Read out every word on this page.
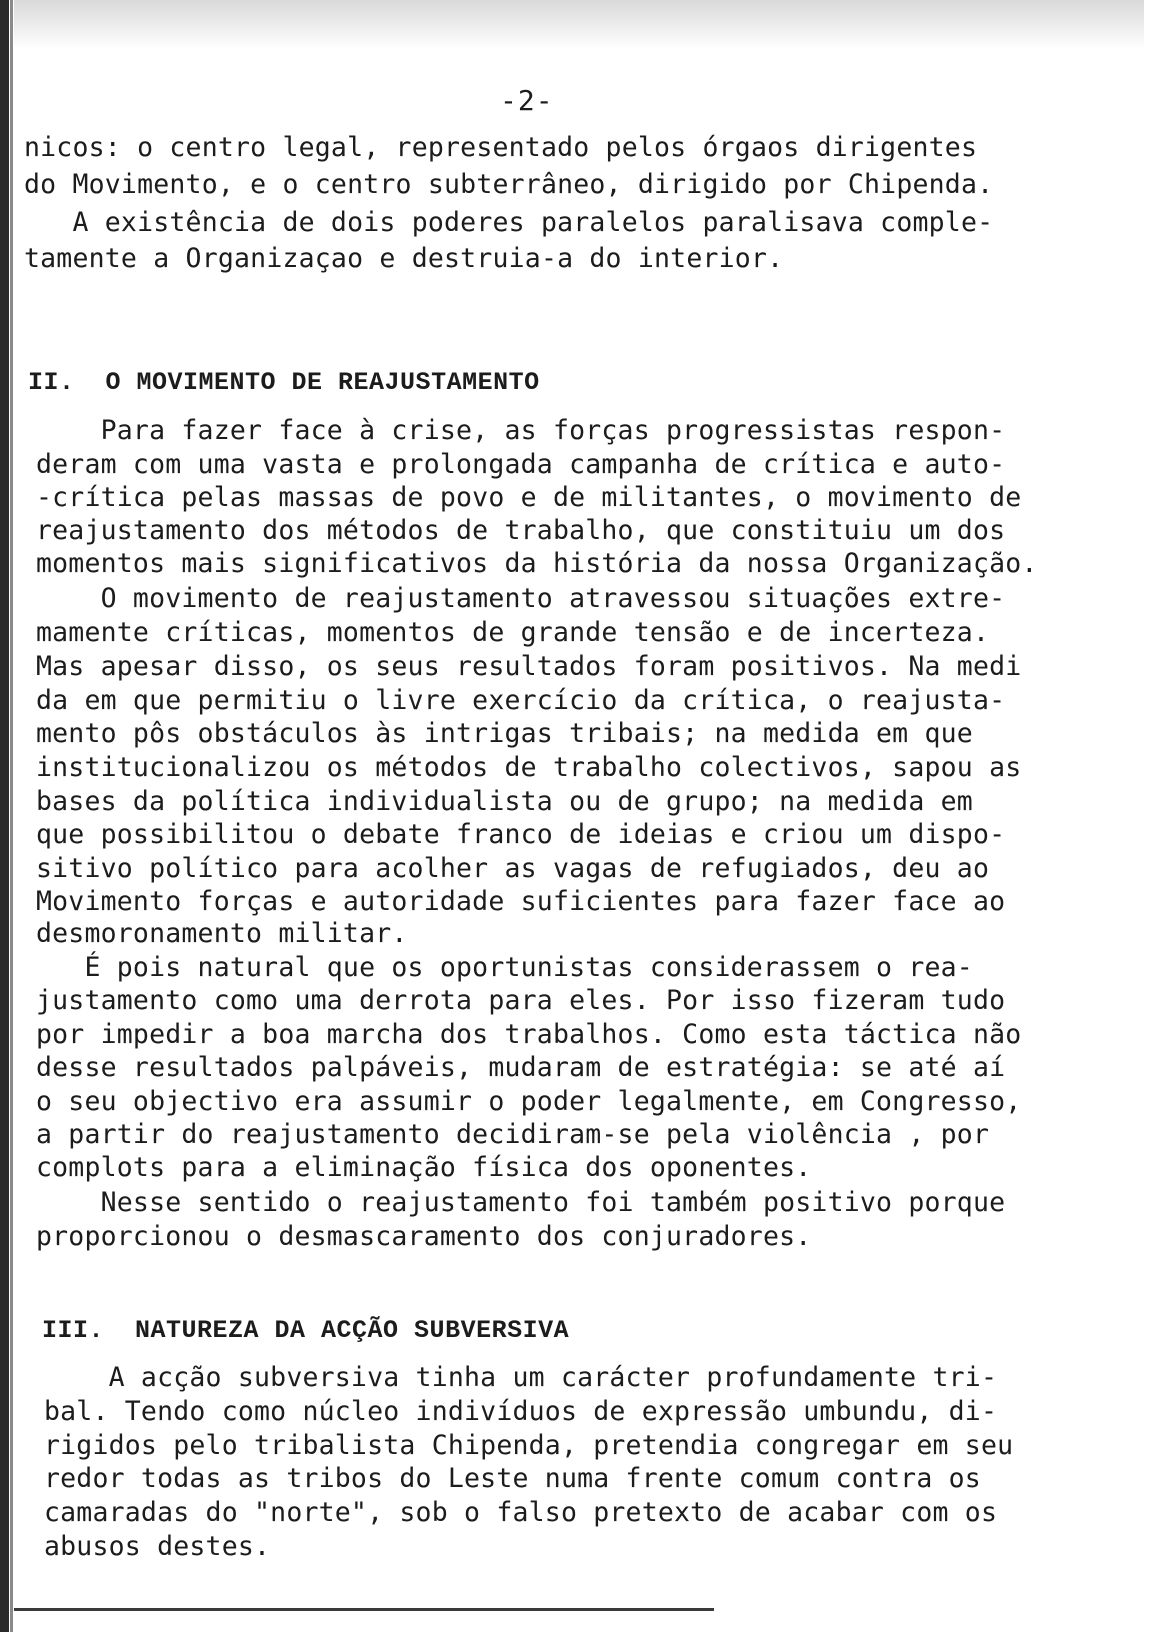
-2-

nicos: o centro legal, representado pelos órgaos dirigentes

do Movimento, e o centro subterrâneo, dirigido por Chipenda.

A existência de dois poderes paralelos paralisava comple-

tamente a Organizaçao e destruia-a do interior.

II.  O MOVIMENTO DE REAJUSTAMENTO

Para fazer face à crise, as forças progressistas respon-

deram com uma vasta e prolongada campanha de crítica e auto-

-crítica pelas massas de povo e de militantes, o movimento de

reajustamento dos métodos de trabalho, que constituiu um dos

momentos mais significativos da história da nossa Organização.

O movimento de reajustamento atravessou situações extre-

mamente críticas, momentos de grande tensão e de incerteza.

Mas apesar disso, os seus resultados foram positivos. Na medi

da em que permitiu o livre exercício da crítica, o reajusta-

mento pôs obstáculos às intrigas tribais; na medida em que

institucionalizou os métodos de trabalho colectivos, sapou as

bases da política individualista ou de grupo; na medida em

que possibilitou o debate franco de ideias e criou um dispo-

sitivo político para acolher as vagas de refugiados, deu ao

Movimento forças e autoridade suficientes para fazer face ao

desmoronamento militar.

É pois natural que os oportunistas considerassem o rea-

justamento como uma derrota para eles. Por isso fizeram tudo

por impedir a boa marcha dos trabalhos. Como esta táctica não

desse resultados palpáveis, mudaram de estratégia: se até aí

o seu objectivo era assumir o poder legalmente, em Congresso,

a partir do reajustamento decidiram-se pela violência , por

complots para a eliminação física dos oponentes.

Nesse sentido o reajustamento foi também positivo porque

proporcionou o desmascaramento dos conjuradores.

III.  NATUREZA DA ACÇÃO SUBVERSIVA

A acção subversiva tinha um carácter profundamente tri-

bal. Tendo como núcleo indivíduos de expressão umbundu, di-

rigidos pelo tribalista Chipenda, pretendia congregar em seu

redor todas as tribos do Leste numa frente comum contra os

camaradas do "norte", sob o falso pretexto de acabar com os

abusos destes.
